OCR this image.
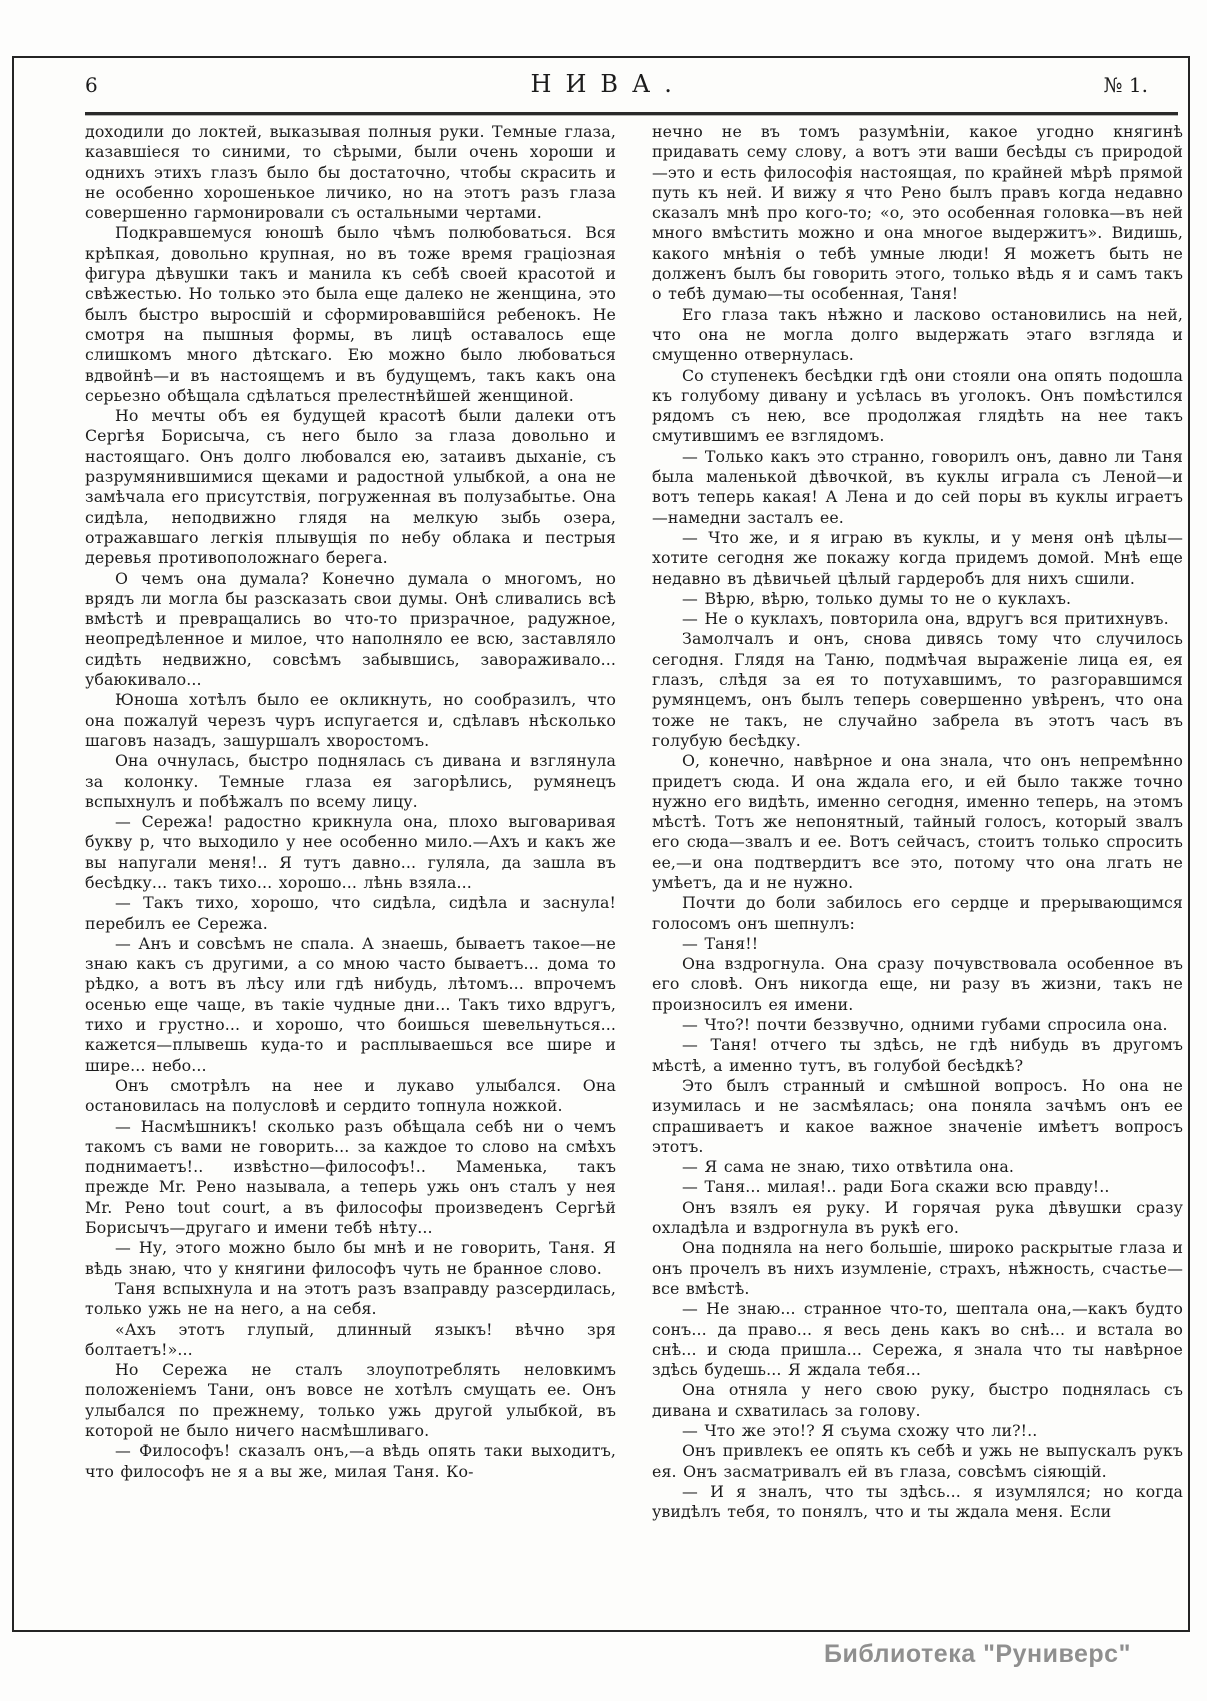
6	НИВА.	№ 1.

доходили до локтей, выказывая полныя руки. Темные глаза, казавшіеся то синими, то сѣрыми, были очень хороши и однихъ этихъ глазъ было бы достаточно, чтобы скрасить и не особенно хорошенькое личико, но на этотъ разъ глаза совершенно гармонировали съ остальными чертами.

Подкравшемуся юношѣ было чѣмъ полюбоваться. Вся крѣпкая, довольно крупная, но въ тоже время граціозная фигура дѣвушки такъ и манила къ себѣ своей красотой и свѣжестью. Но только это была еще далеко не женщина, это былъ быстро выросшій и сформировавшійся ребенокъ. Не смотря на пышныя формы, въ лицѣ оставалось еще слишкомъ много дѣтскаго. Ею можно было любоваться вдвойнѣ—и въ настоящемъ и въ будущемъ, такъ какъ она серьезно обѣщала сдѣлаться прелестнѣйшей женщиной.

Но мечты объ ея будущей красотѣ были далеки отъ Сергѣя Борисыча, съ него было за глаза довольно и настоящаго. Онъ долго любовался ею, затаивъ дыханіе, съ разрумянившимися щеками и радостной улыбкой, а она не замѣчала его присутствія, погруженная въ полузабытье. Она сидѣла, неподвижно глядя на мелкую зыбь озера, отражавшаго легкія плывущія по небу облака и пестрыя деревья противоположнаго берега.

О чемъ она думала? Конечно думала о многомъ, но врядъ ли могла бы разсказать свои думы. Онѣ сливались всѣ вмѣстѣ и превращались во что-то призрачное, радужное, неопредѣленное и милое, что наполняло ее всю, заставляло сидѣть недвижно, совсѣмъ забывшись, завораживало... убаюкивало...

Юноша хотѣлъ было ее окликнуть, но сообразилъ, что она пожалуй черезъ чуръ испугается и, сдѣлавъ нѣсколько шаговъ назадъ, зашуршалъ хворостомъ.

Она очнулась, быстро поднялась съ дивана и взглянула за колонку. Темные глаза ея загорѣлись, румянецъ вспыхнулъ и побѣжалъ по всему лицу.

— Сережа! радостно крикнула она, плохо выговаривая букву р, что выходило у нее особенно мило.—Ахъ и какъ же вы напугали меня!.. Я тутъ давно... гуляла, да зашла въ бесѣдку... такъ тихо... хорошо... лѣнь взяла...

— Такъ тихо, хорошо, что сидѣла, сидѣла и заснула! перебилъ ее Сережа.

— Анъ и совсѣмъ не спала. А знаешь, бываетъ такое—не знаю какъ съ другими, а со мною часто бываетъ... дома то рѣдко, а вотъ въ лѣсу или гдѣ нибудь, лѣтомъ... впрочемъ осенью еще чаще, въ такіе чудные дни... Такъ тихо вдругъ, тихо и грустно... и хорошо, что боишься шевельнуться... кажется—плывешь куда-то и расплываешься все шире и шире... небо...

Онъ смотрѣлъ на нее и лукаво улыбался. Она остановилась на полусловѣ и сердито топнула ножкой.

— Насмѣшникъ! сколько разъ обѣщала себѣ ни о чемъ такомъ съ вами не говорить... за каждое то слово на смѣхъ поднимаетъ!.. извѣстно—философъ!.. Маменька, такъ прежде Mr. Рено называла, а теперь ужь онъ сталъ у нея Mr. Рено tout court, а въ философы произведенъ Сергѣй Борисычъ—другаго и имени тебѣ нѣту...

— Ну, этого можно было бы мнѣ и не говорить, Таня. Я вѣдь знаю, что у княгини философъ чуть не бранное слово.

Таня вспыхнула и на этотъ разъ взаправду разсердилась, только ужь не на него, а на себя.

«Ахъ этотъ глупый, длинный языкъ! вѣчно зря болтаетъ!»...

Но Сережа не сталъ злоупотреблять неловкимъ положеніемъ Тани, онъ вовсе не хотѣлъ смущать ее. Онъ улыбался по прежнему, только ужь другой улыбкой, въ которой не было ничего насмѣшливаго.

— Философъ! сказалъ онъ,—а вѣдь опять таки выходитъ, что философъ не я а вы же, милая Таня. Ко-

нечно не въ томъ разумѣніи, какое угодно княгинѣ придавать сему слову, а вотъ эти ваши бесѣды съ природой—это и есть философія настоящая, по крайней мѣрѣ прямой путь къ ней. И вижу я что Рено былъ правъ когда недавно сказалъ мнѣ про кого-то; «о, это особенная головка—въ ней много вмѣстить можно и она многое выдержитъ». Видишь, какого мнѣнія о тебѣ умные люди! Я можетъ быть не долженъ былъ бы говорить этого, только вѣдь я и самъ такъ о тебѣ думаю—ты особенная, Таня!

Его глаза такъ нѣжно и ласково остановились на ней, что она не могла долго выдержать этаго взгляда и смущенно отвернулась.

Со ступенекъ бесѣдки гдѣ они стояли она опять подошла къ голубому дивану и усѣлась въ уголокъ. Онъ помѣстился рядомъ съ нею, все продолжая глядѣть на нее такъ смутившимъ ее взглядомъ.

— Только какъ это странно, говорилъ онъ, давно ли Таня была маленькой дѣвочкой, въ куклы играла съ Леной—и вотъ теперь какая! А Лена и до сей поры въ куклы играетъ—намедни засталъ ее.

— Что же, и я играю въ куклы, и у меня онѣ цѣлы—хотите сегодня же покажу когда придемъ домой. Мнѣ еще недавно въ дѣвичьей цѣлый гардеробъ для нихъ сшили.

— Вѣрю, вѣрю, только думы то не о куклахъ.

— Не о куклахъ, повторила она, вдругъ вся притихнувъ.

Замолчалъ и онъ, снова дивясь тому что случилось сегодня. Глядя на Таню, подмѣчая выраженіе лица ея, ея глазъ, слѣдя за ея то потухавшимъ, то разгоравшимся румянцемъ, онъ былъ теперь совершенно увѣренъ, что она тоже не такъ, не случайно забрела въ этотъ часъ въ голубую бесѣдку.

О, конечно, навѣрное и она знала, что онъ непремѣнно придетъ сюда. И она ждала его, и ей было также точно нужно его видѣть, именно сегодня, именно теперь, на этомъ мѣстѣ. Тотъ же непонятный, тайный голосъ, который звалъ его сюда—звалъ и ее. Вотъ сейчасъ, стоитъ только спросить ее,—и она подтвердитъ все это, потому что она лгать не умѣетъ, да и не нужно.

Почти до боли забилось его сердце и прерывающимся голосомъ онъ шепнулъ:

— Таня!!

Она вздрогнула. Она сразу почувствовала особенное въ его словѣ. Онъ никогда еще, ни разу въ жизни, такъ не произносилъ ея имени.

— Что?! почти беззвучно, одними губами спросила она.

— Таня! отчего ты здѣсь, не гдѣ нибудь въ другомъ мѣстѣ, а именно тутъ, въ голубой бесѣдкѣ?

Это былъ странный и смѣшной вопросъ. Но она не изумилась и не засмѣялась; она поняла зачѣмъ онъ ее спрашиваетъ и какое важное значеніе имѣетъ вопросъ этотъ.

— Я сама не знаю, тихо отвѣтила она.

— Таня... милая!.. ради Бога скажи всю правду!..

Онъ взялъ ея руку. И горячая рука дѣвушки сразу охладѣла и вздрогнула въ рукѣ его.

Она подняла на него большіе, широко раскрытые глаза и онъ прочелъ въ нихъ изумленіе, страхъ, нѣжность, счастье—все вмѣстѣ.

— Не знаю... странное что-то, шептала она,—какъ будто сонъ... да право... я весь день какъ во снѣ... и встала во снѣ... и сюда пришла... Сережа, я знала что ты навѣрное здѣсь будешь... Я ждала тебя...

Она отняла у него свою руку, быстро поднялась съ дивана и схватилась за голову.

— Что же это!? Я съума схожу что ли?!..

Онъ привлекъ ее опять къ себѣ и ужь не выпускалъ рукъ ея. Онъ засматривалъ ей въ глаза, совсѣмъ сіяющій.

— И я зналъ, что ты здѣсь... я изумлялся; но когда увидѣлъ тебя, то понялъ, что и ты ждала меня. Если

Библиотека "Руниверс"
